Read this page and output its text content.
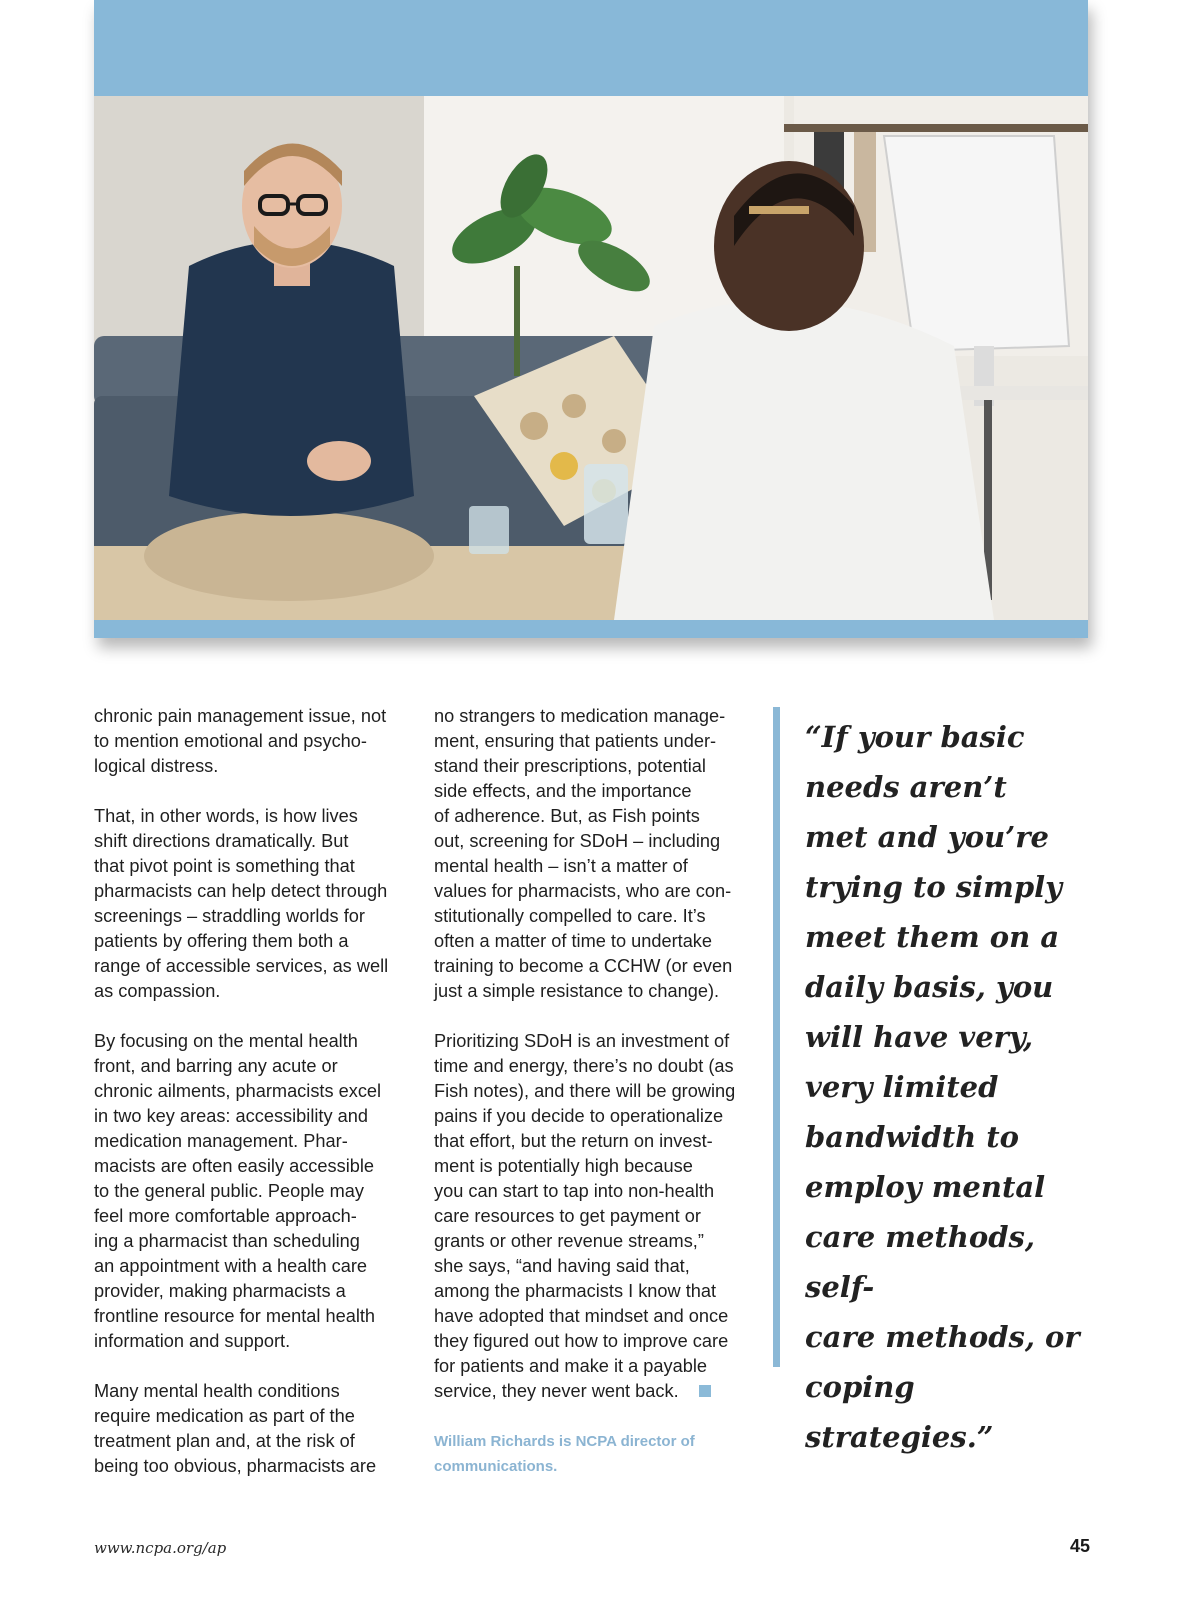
chronic pain management issue, not
to mention emotional and psycho-
logical distress.

That, in other words, is how lives
shift directions dramatically. But
that pivot point is something that
pharmacists can help detect through
screenings – straddling worlds for
patients by offering them both a
range of accessible services, as well
as compassion.

By focusing on the mental health
front, and barring any acute or
chronic ailments, pharmacists excel
in two key areas: accessibility and
medication management. Phar-
macists are often easily accessible
to the general public. People may
feel more comfortable approach-
ing a pharmacist than scheduling
an appointment with a health care
provider, making pharmacists a
frontline resource for mental health
information and support.

Many mental health conditions
require medication as part of the
treatment plan and, at the risk of
being too obvious, pharmacists are

no strangers to medication manage-
ment, ensuring that patients under-
stand their prescriptions, potential
side effects, and the importance
of adherence. But, as Fish points
out, screening for SDoH – including
mental health – isn’t a matter of
values for pharmacists, who are con-
stitutionally compelled to care. It’s
often a matter of time to undertake
training to become a CCHW (or even
just a simple resistance to change).

Prioritizing SDoH is an investment of
time and energy, there’s no doubt (as
Fish notes), and there will be growing
pains if you decide to operationalize
that effort, but the return on invest-
ment is potentially high because
you can start to tap into non-health
care resources to get payment or
grants or other revenue streams,”
she says, “and having said that,
among the pharmacists I know that
have adopted that mindset and once
they figured out how to improve care
for patients and make it a payable
service, they never went back.

William Richards is NCPA director of
communications.

“If your basic
needs aren’t
met and you’re
trying to simply
meet them on a
daily basis, you
will have very,
very limited
bandwidth to
employ mental
care methods, self-
care methods, or
coping strategies.”

www.ncpa.org/ap	45
